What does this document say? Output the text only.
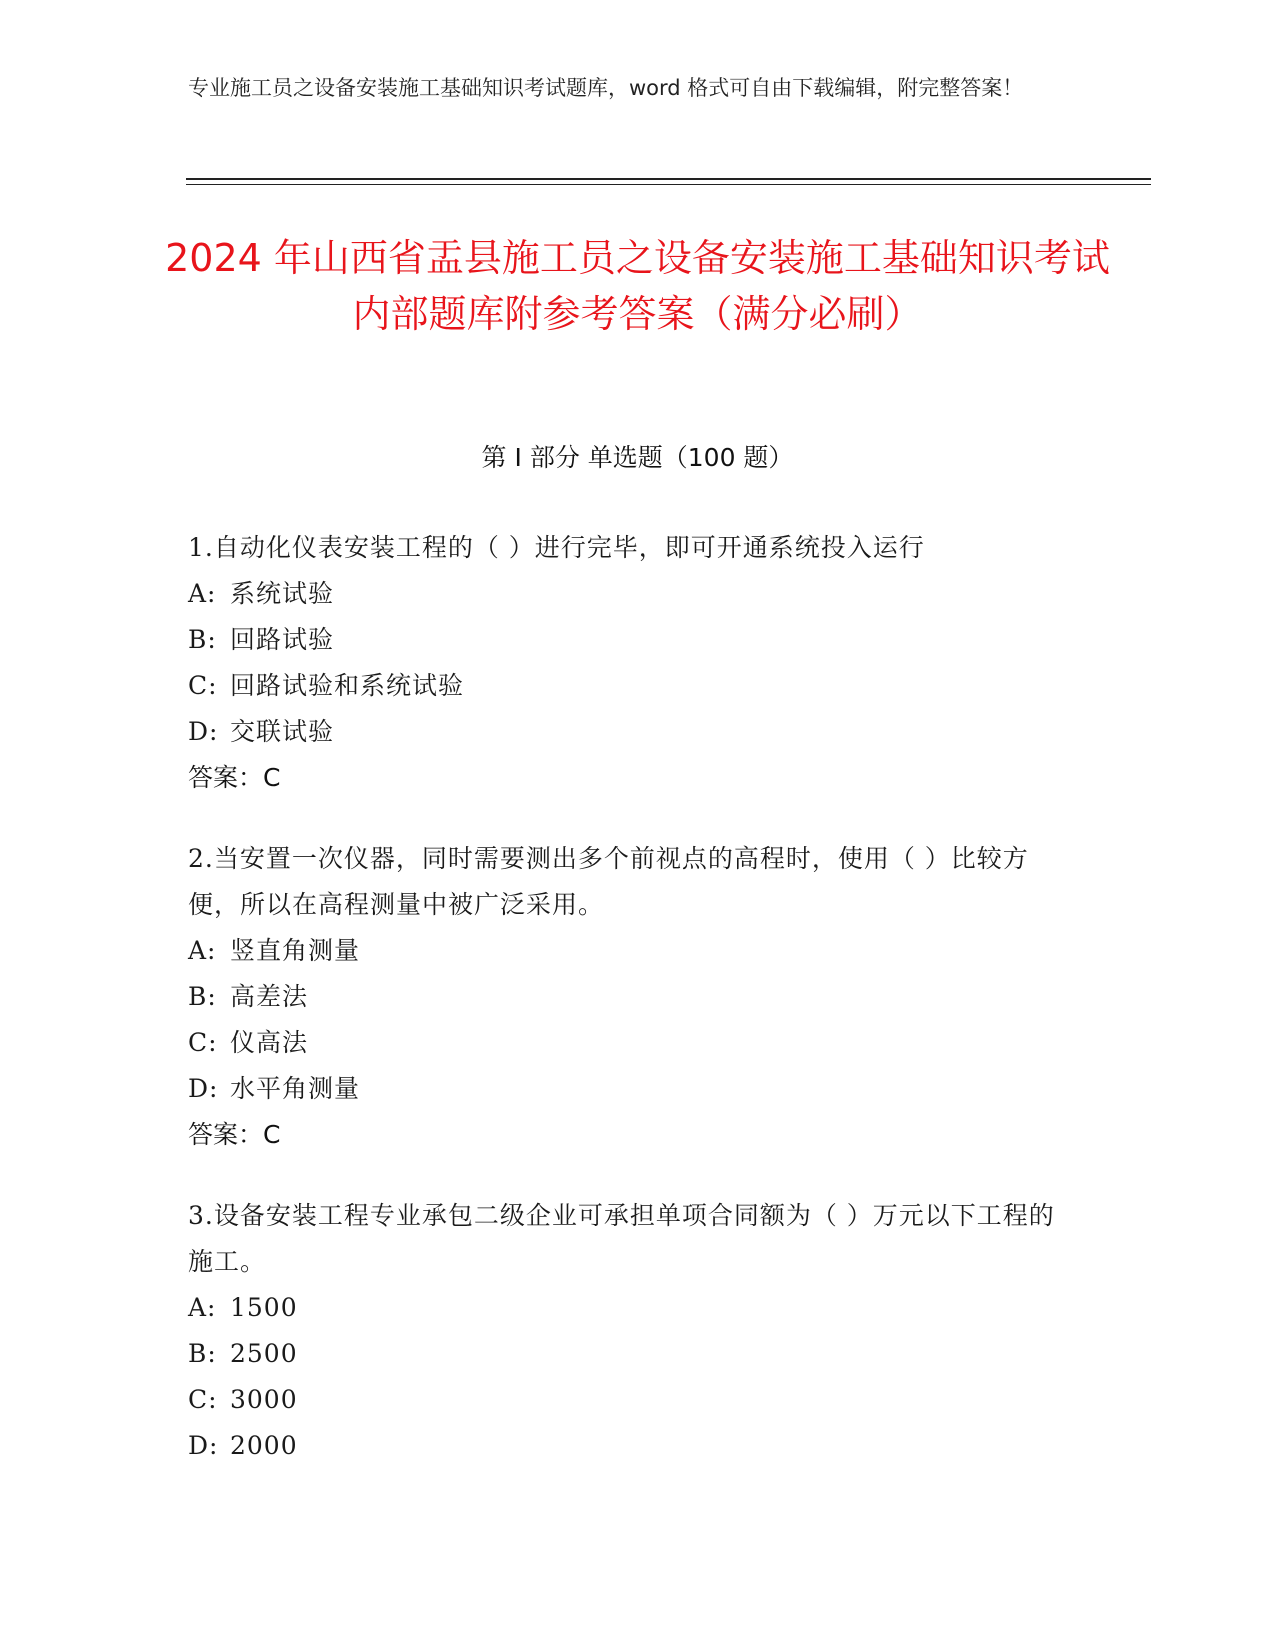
专业施工员之设备安装施工基础知识考试题库，word 格式可自由下载编辑，附完整答案！
2024 年山西省盂县施工员之设备安装施工基础知识考试内部题库附参考答案（满分必刷）
第 I 部分 单选题（100 题）
1.自动化仪表安装工程的（ ）进行完毕，即可开通系统投入运行
A: 系统试验
B: 回路试验
C: 回路试验和系统试验
D: 交联试验
答案：C
2.当安置一次仪器，同时需要测出多个前视点的高程时，使用（ ）比较方便，所以在高程测量中被广泛采用。
A: 竖直角测量
B: 高差法
C: 仪高法
D: 水平角测量
答案：C
3.设备安装工程专业承包二级企业可承担单项合同额为（ ）万元以下工程的施工。
A: 1500
B: 2500
C: 3000
D: 2000
